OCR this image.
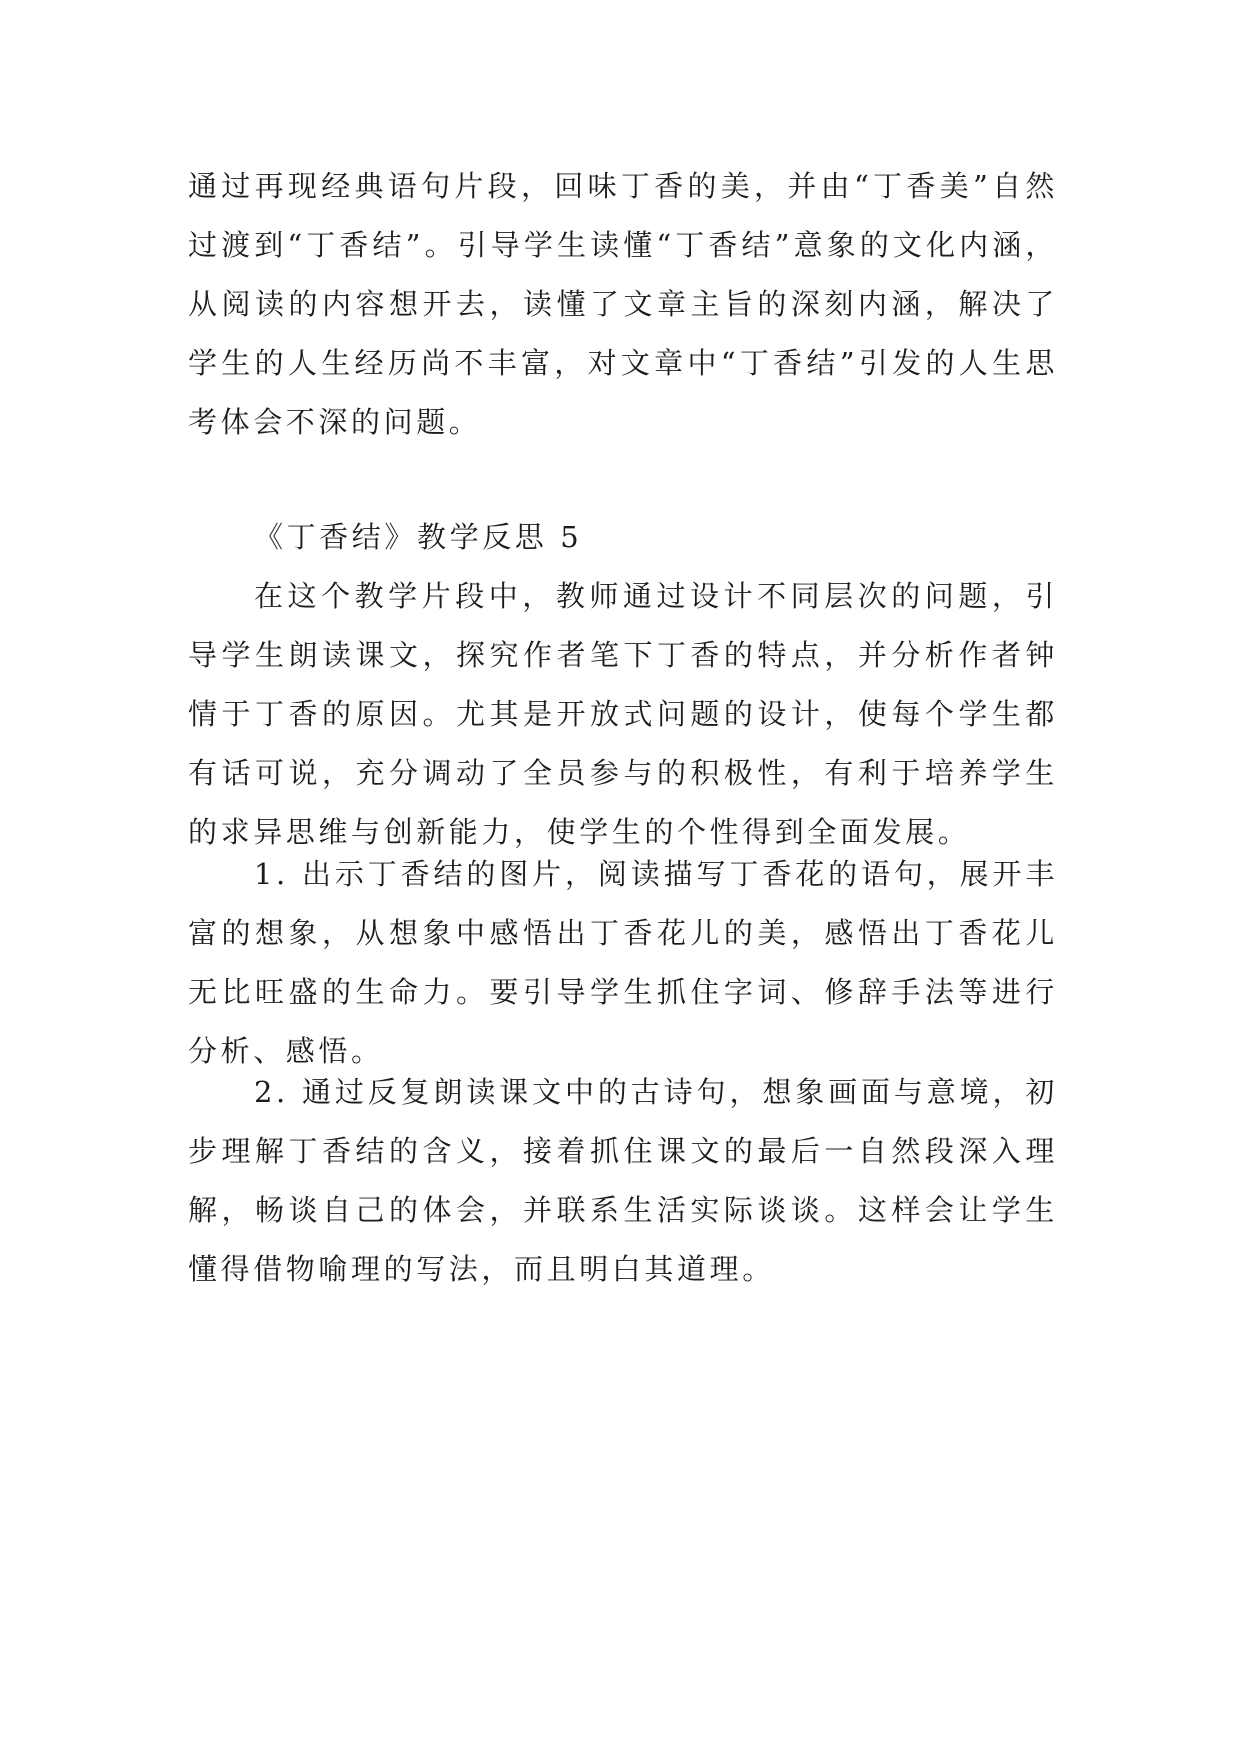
通过再现经典语句片段，回味丁香的美，并由“丁香美”自然过渡到“丁香结”。引导学生读懂“丁香结”意象的文化内涵，从阅读的内容想开去，读懂了文章主旨的深刻内涵，解决了学生的人生经历尚不丰富，对文章中“丁香结”引发的人生思考体会不深的问题。

《丁香结》教学反思 5

在这个教学片段中，教师通过设计不同层次的问题，引导学生朗读课文，探究作者笔下丁香的特点，并分析作者钟情于丁香的原因。尤其是开放式问题的设计，使每个学生都有话可说，充分调动了全员参与的积极性，有利于培养学生的求异思维与创新能力，使学生的个性得到全面发展。

1. 出示丁香结的图片，阅读描写丁香花的语句，展开丰富的想象，从想象中感悟出丁香花儿的美，感悟出丁香花儿无比旺盛的生命力。要引导学生抓住字词、修辞手法等进行分析、感悟。

2. 通过反复朗读课文中的古诗句，想象画面与意境，初步理解丁香结的含义，接着抓住课文的最后一自然段深入理解，畅谈自己的体会，并联系生活实际谈谈。这样会让学生懂得借物喻理的写法，而且明白其道理。
